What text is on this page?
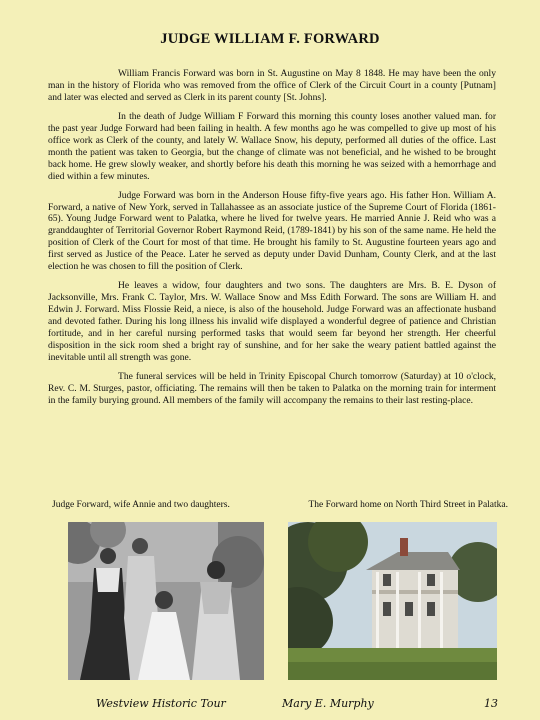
JUDGE WILLIAM F. FORWARD

William Francis Forward was born in St. Augustine on May 8 1848. He may have been the only man in the history of Florida who was removed from the office of Clerk of the Circuit Court in a county [Putnam] and later was elected and served as Clerk in its parent county [St. Johns].

In the death of Judge William F Forward this morning this county loses another valued man. for the past year Judge Forward had been failing in health. A few months ago he was compelled to give up most of his office work as Clerk of the county, and lately W. Wallace Snow, his deputy, performed all duties of the office. Last month the patient was taken to Georgia, but the change of climate was not beneficial, and he wished to be brought back home. He grew slowly weaker, and shortly before his death this morning he was seized with a hemorrhage and died within a few minutes.

Judge Forward was born in the Anderson House fifty-five years ago. His father Hon. William A. Forward, a native of New York, served in Tallahassee as an associate justice of the Supreme Court of Florida (1861-65). Young Judge Forward went to Palatka, where he lived for twelve years. He married Annie J. Reid who was a granddaughter of Territorial Governor Robert Raymond Reid, (1789-1841) by his son of the same name. He held the position of Clerk of the Court for most of that time. He brought his family to St. Augustine fourteen years ago and first served as Justice of the Peace. Later he served as deputy under David Dunham, County Clerk, and at the last election he was chosen to fill the position of Clerk.

He leaves a widow, four daughters and two sons. The daughters are Mrs. B. E. Dyson of Jacksonville, Mrs. Frank C. Taylor, Mrs. W. Wallace Snow and Mss Edith Forward. The sons are William H. and Edwin J. Forward. Miss Flossie Reid, a niece, is also of the household. Judge Forward was an affectionate husband and devoted father. During his long illness his invalid wife displayed a wonderful degree of patience and Christian fortitude, and in her careful nursing performed tasks that would seem far beyond her strength. Her cheerful disposition in the sick room shed a bright ray of sunshine, and for her sake the weary patient battled against the inevitable until all strength was gone.

The funeral services will be held in Trinity Episcopal Church tomorrow (Saturday) at 10 o'clock, Rev. C. M. Sturges, pastor, officiating. The remains will then be taken to Palatka on the morning train for interment in the family burying ground. All members of the family will accompany the remains to their last resting-place.

Judge Forward, wife Annie and two daughters.	The Forward home on North Third Street in Palatka.
Westview Historic Tour	Mary E. Murphy	13
